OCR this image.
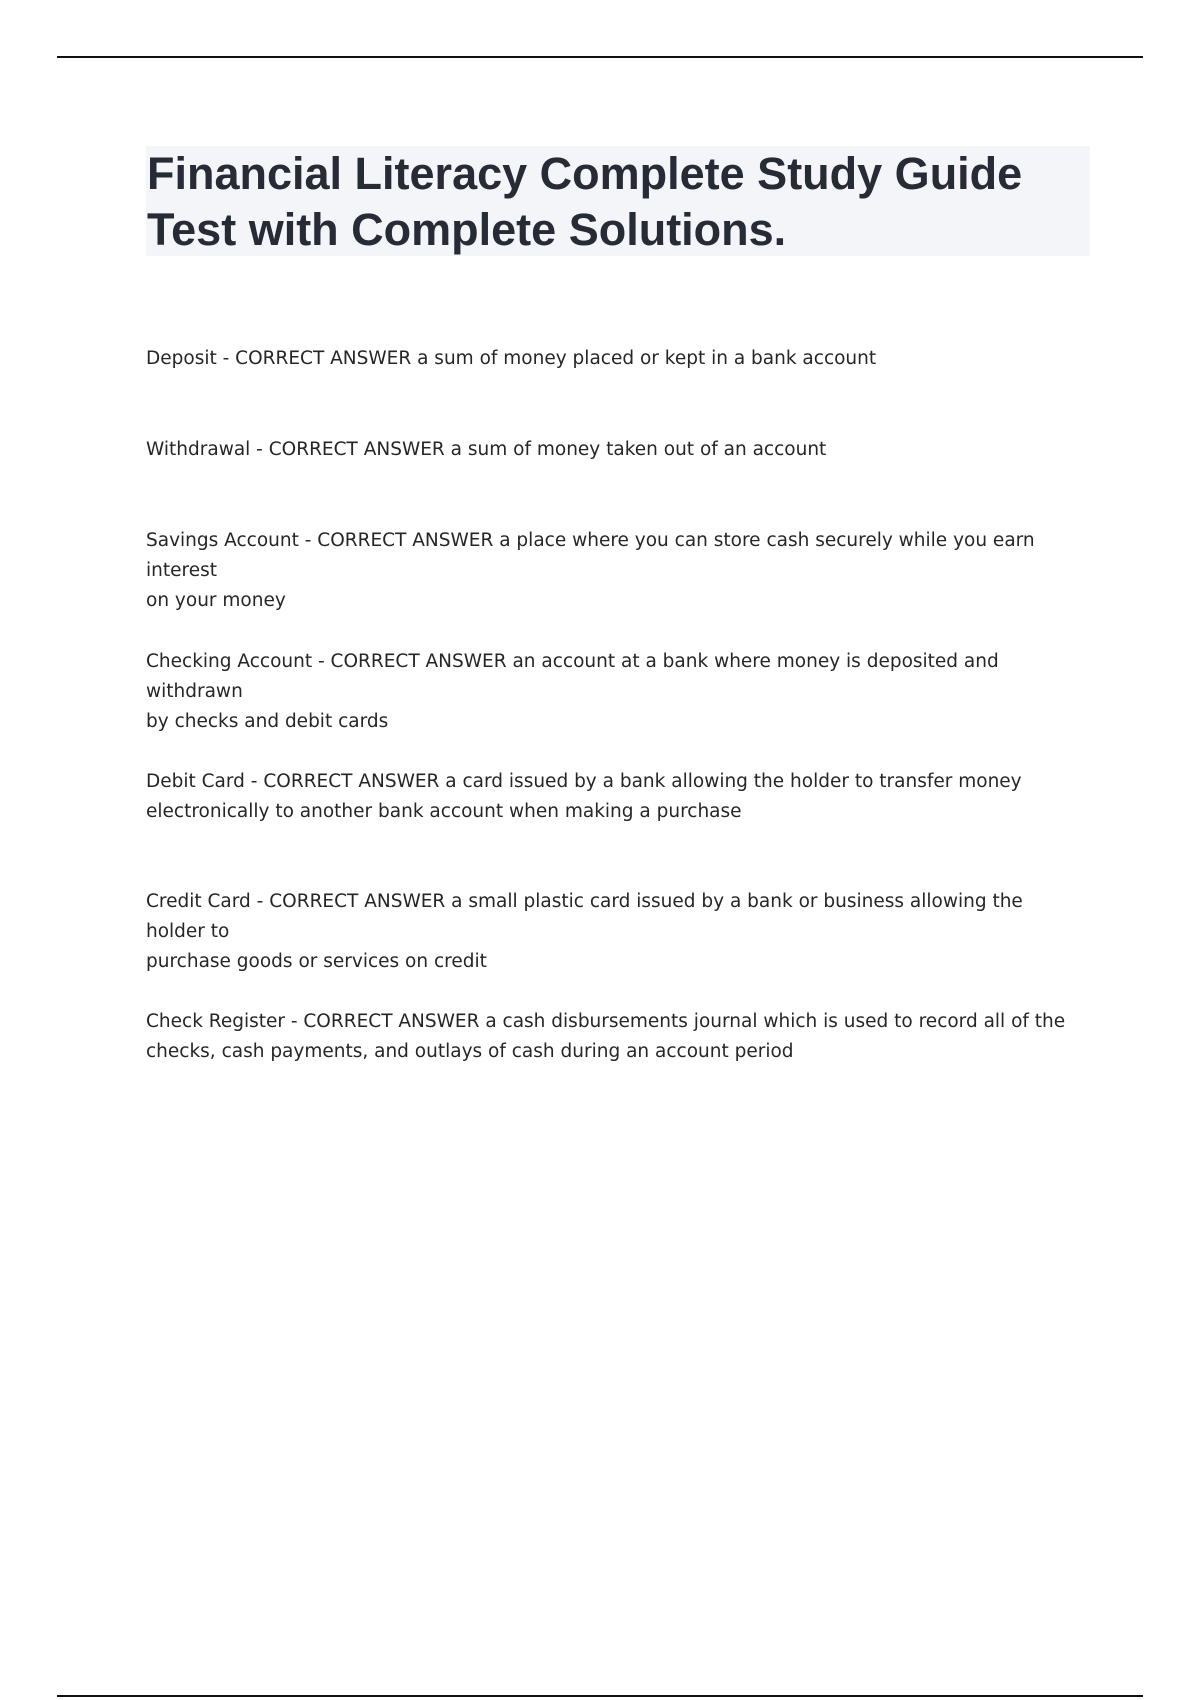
Financial Literacy Complete Study Guide
Test with Complete Solutions.

Deposit - CORRECT ANSWER a sum of money placed or kept in a bank account

Withdrawal - CORRECT ANSWER a sum of money taken out of an account

Savings Account - CORRECT ANSWER a place where you can store cash securely while you earn interest
on your money

Checking Account - CORRECT ANSWER an account at a bank where money is deposited and withdrawn
by checks and debit cards

Debit Card - CORRECT ANSWER a card issued by a bank allowing the holder to transfer money
electronically to another bank account when making a purchase

Credit Card - CORRECT ANSWER a small plastic card issued by a bank or business allowing the holder to
purchase goods or services on credit

Check Register - CORRECT ANSWER a cash disbursements journal which is used to record all of the
checks, cash payments, and outlays of cash during an account period
